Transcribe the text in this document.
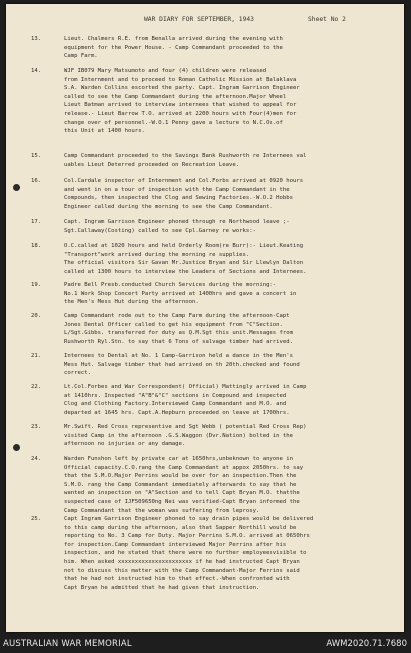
WAR DIARY FOR SEPTEMBER, 1943	Sheet No 2
13.	Lieut. Chalmers R.E. from Benalla arrived during the evening with
equipment for the Power House. - Camp Commandant proceeded to the
Camp Farm.
14.	WJF IB079 Mary Matsumoto and four (4) children were released
from Internment and to proceed to Roman Catholic Mission at Balaklava
S.A. Warden Collins escorted the party. Capt. Ingram Garrison Engineer
called to see the Camp Commandant during the afternoon.Major Wheel
Lieut Batman arrived to interview internees that wished to appeal for
release.- Lieut Barrow T.O. arrived at 2200 hours with Four(4)men for
change over of personnel.-W.O.1 Penny gave a lecture to N.C.Os.of
this Unit at 1400 hours.
15.	Camp Commandant proceeded to the Savings Bank Rushworth re Internees val
uables Lieut Deterred proceeded on Recreation Leave.
16.	Col.Cardale inspector of Internment and Col.Forbs arrived at 0920 hours
and went in on a tour of inspection with the Camp Commandant in the
Compounds, then inspected the Clog and Sewing Factories.-W.O.2 Hobbs
Engineer called during the morning to see the Camp Commandant.
17.	Capt. Ingram Garrison Engineer phoned through re Northwood leave ;-
Sgt.Callaway(Costing) called to see Cpl.Garney re works:-
18.	O.C.called at 1020 hours and held Orderly Room(re Burr):- Lieut.Keating
"Transport"work arrived during the morning re supplies.
The official visitors Sir Gavan Mr.Justice Bryan and Sir Llewlyn Dalton
called at 1300 hours to interview the Leaders of Sections and Internees.
19.	Padre Bell Presb.conducted Church Services during the morning:-
No.1 Work Shop Concert Party arrived at 1400hrs and gave a concert in
the Men's Mess Hut during the afternoon.
20.	Camp Commandant rode out to the Camp Farm during the afternoon-Capt
Jones Dental Officer called to get his equipment from "C"Section.
L/Sgt.Gibbs. transferred for duty as Q.M.Sgt this unit.Messages from
Rushworth Ryl.Stn. to say that 6 Tons of salvage timber had arrived.
21.	Internees to Dental at No. 1 Camp-Garrison held a dance in the Men's
Mess Hut. Salvage timber that had arrived on th 20th.checked and found
correct.
22.	Lt.Col.Forbes and War Correspondent( Official) Mattingly arrived in Camp
at 1410hrs. Inspected "A"B"&"C" sections in Compound and inspected
Clog and Clothing Factory.Interviewed Camp Commandant and M.O. and
departed at 1645 hrs. Capt.A.Hepburn proceeded on leave at 1700hrs.
23.	Mr.Swift. Red Cross representive and Sgt Webb ( potential Red Cross Rep)
visited Camp in the afternoon .G.S.Waggon (Dvr.Nation) bolted in the
afternoon no injuries or any damage.
24.	Warden Funshon left by private car at 1650hrs,unbeknown to anyone in
Official capacity.C.O.rang the Camp Commandant at appox 2050hrs. to say
that the S.M.O.Major Perrins would be over for an inspection.Then the
S.M.O. rang the Camp Commandant immediately afterwards to say that he
wanted an inspection on "A"Section and to tell Capt Bryan M.O. thatthe
suspected case of IJF509650ng Nei was verified-Capt Bryan informed the
Camp Commandant that the woman was suffering from leprosy.
25.	Capt Ingram Garrison Engineer phoned to say drain pipes would be delivered
to this camp during the afternoon, also that Sapper Northill would be
reporting to No. 3 Camp for Duty. Major Perrins S.M.O. arrived at 0650hrs
for inspection.Camp Commandant interviewed Major Perrins after his
inspection, and he stated that there were no further employeesvisible to
him. When asked xxxxxxxxxxxxxxxxxxxxxx if he had instructed Capt Bryan
not to discuss this matter with the Camp Commandant-Major Ferrins said
that he had not instructed him to that effect.-When confronted with
Capt Bryan he admitted that he had given that instruction.
AUSTRALIAN WAR MEMORIAL	AWM2020.71.7680
